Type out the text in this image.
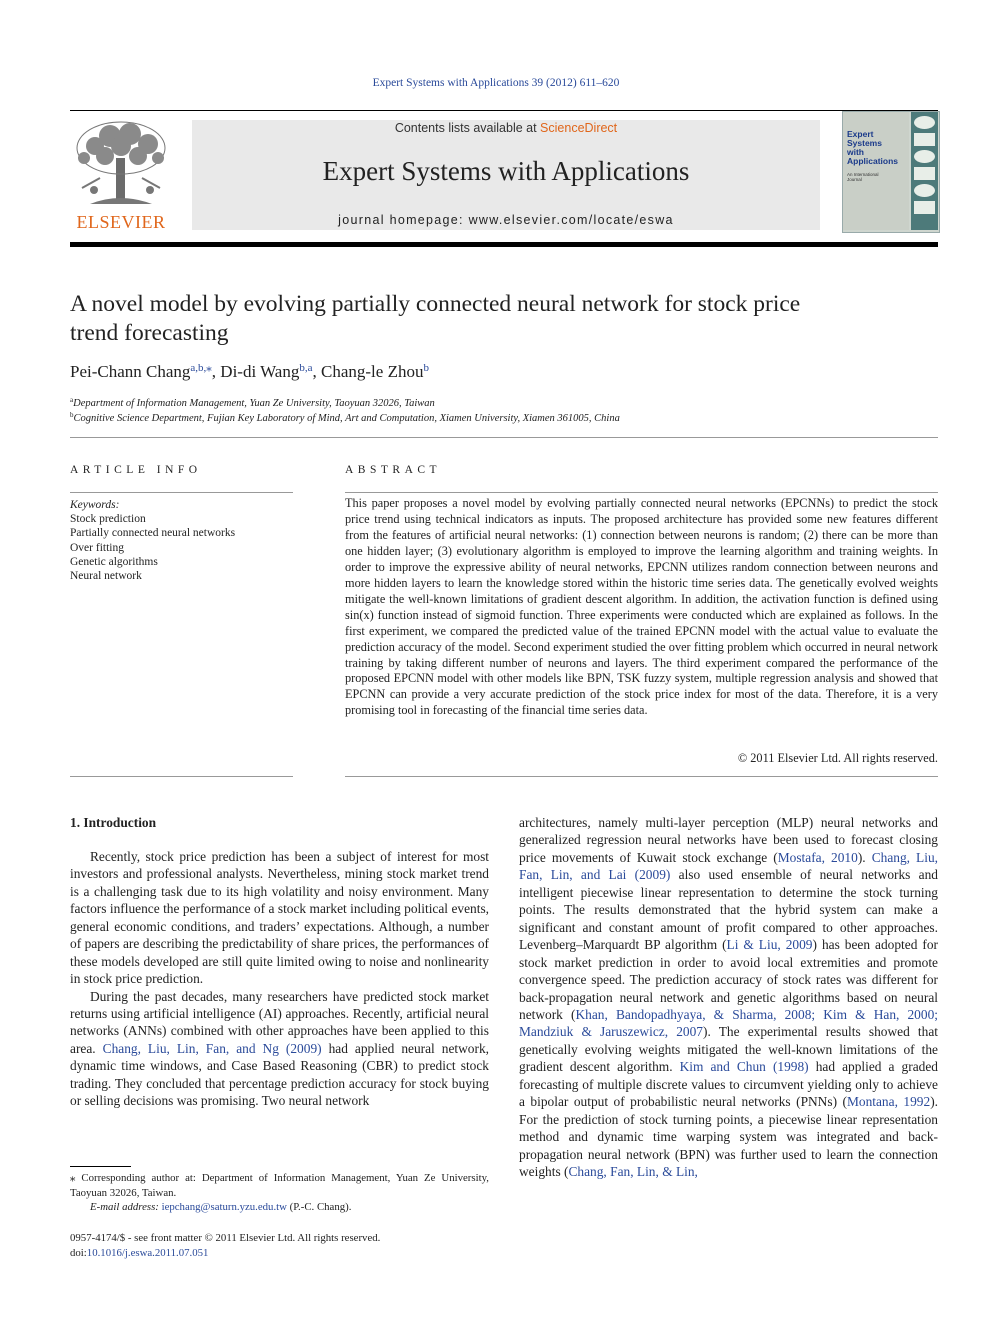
Expert Systems with Applications 39 (2012) 611–620
ELSEVIER
Contents lists available at ScienceDirect
Expert Systems with Applications
journal homepage: www.elsevier.com/locate/eswa
Expert
Systems
with
Applications
An International
Journal
A novel model by evolving partially connected neural network for stock price
trend forecasting
Pei-Chann Chang$^{a,b,⁎}$, Di-di Wang$^{b,a}$, Chang-le Zhou$^b$
$^a$Department of Information Management, Yuan Ze University, Taoyuan 32026, Taiwan
$^b$Cognitive Science Department, Fujian Key Laboratory of Mind, Art and Computation, Xiamen University, Xiamen 361005, China
ARTICLE INFO
Keywords:
Stock prediction
Partially connected neural networks
Over fitting
Genetic algorithms
Neural network
ABSTRACT
This paper proposes a novel model by evolving partially connected neural networks (EPCNNs) to predict the stock price trend using technical indicators as inputs. The proposed architecture has provided some new features different from the features of artificial neural networks: (1) connection between neurons is random; (2) there can be more than one hidden layer; (3) evolutionary algorithm is employed to improve the learning algorithm and training weights. In order to improve the expressive ability of neural networks, EPCNN utilizes random connection between neurons and more hidden layers to learn the knowledge stored within the historic time series data. The genetically evolved weights mitigate the well-known limitations of gradient descent algorithm. In addition, the activation function is defined using sin(x) function instead of sigmoid function. Three experiments were conducted which are explained as follows. In the first experiment, we compared the predicted value of the trained EPCNN model with the actual value to evaluate the prediction accuracy of the model. Second experiment studied the over fitting problem which occurred in neural network training by taking different number of neurons and layers. The third experiment compared the performance of the proposed EPCNN model with other models like BPN, TSK fuzzy system, multiple regression analysis and showed that EPCNN can provide a very accurate prediction of the stock price index for most of the data. Therefore, it is a very promising tool in forecasting of the financial time series data.
© 2011 Elsevier Ltd. All rights reserved.

1. Introduction

Recently, stock price prediction has been a subject of interest for most investors and professional analysts. Nevertheless, mining stock market trend is a challenging task due to its high volatility and noisy environment. Many factors influence the performance of a stock market including political events, general economic conditions, and traders’ expectations. Although, a number of papers are describing the predictability of share prices, the performances of these models developed are still quite limited owing to noise and nonlinearity in stock price prediction.

During the past decades, many researchers have predicted stock market returns using artificial intelligence (AI) approaches. Recently, artificial neural networks (ANNs) combined with other approaches have been applied to this area. Chang, Liu, Lin, Fan, and Ng (2009) had applied neural network, dynamic time windows, and Case Based Reasoning (CBR) to predict stock trading. They concluded that percentage prediction accuracy for stock buying or selling decisions was promising. Two neural network

⁎ Corresponding author at: Department of Information Management, Yuan Ze University, Taoyuan 32026, Taiwan.
E-mail address: iepchang@saturn.yzu.edu.tw (P.-C. Chang).
0957-4174/$ - see front matter © 2011 Elsevier Ltd. All rights reserved.
doi:10.1016/j.eswa.2011.07.051

architectures, namely multi-layer perception (MLP) neural networks and generalized regression neural networks have been used to forecast closing price movements of Kuwait stock exchange (Mostafa, 2010). Chang, Liu, Fan, Lin, and Lai (2009) also used ensemble of neural networks and intelligent piecewise linear representation to determine the stock turning points. The results demonstrated that the hybrid system can make a significant and constant amount of profit compared to other approaches. Levenberg–Marquardt BP algorithm (Li & Liu, 2009) has been adopted for stock market prediction in order to avoid local extremities and promote convergence speed. The prediction accuracy of stock rates was different for back-propagation neural network and genetic algorithms based on neural network (Khan, Bandopadhyaya, & Sharma, 2008; Kim & Han, 2000; Mandziuk & Jaruszewicz, 2007). The experimental results showed that genetically evolving weights mitigated the well-known limitations of the gradient descent algorithm. Kim and Chun (1998) had applied a graded forecasting of multiple discrete values to circumvent yielding only to achieve a bipolar output of probabilistic neural networks (PNNs) (Montana, 1992). For the prediction of stock turning points, a piecewise linear representation method and dynamic time warping system was integrated and back-propagation neural network (BPN) was further used to learn the connection weights (Chang, Fan, Lin, & Lin,
